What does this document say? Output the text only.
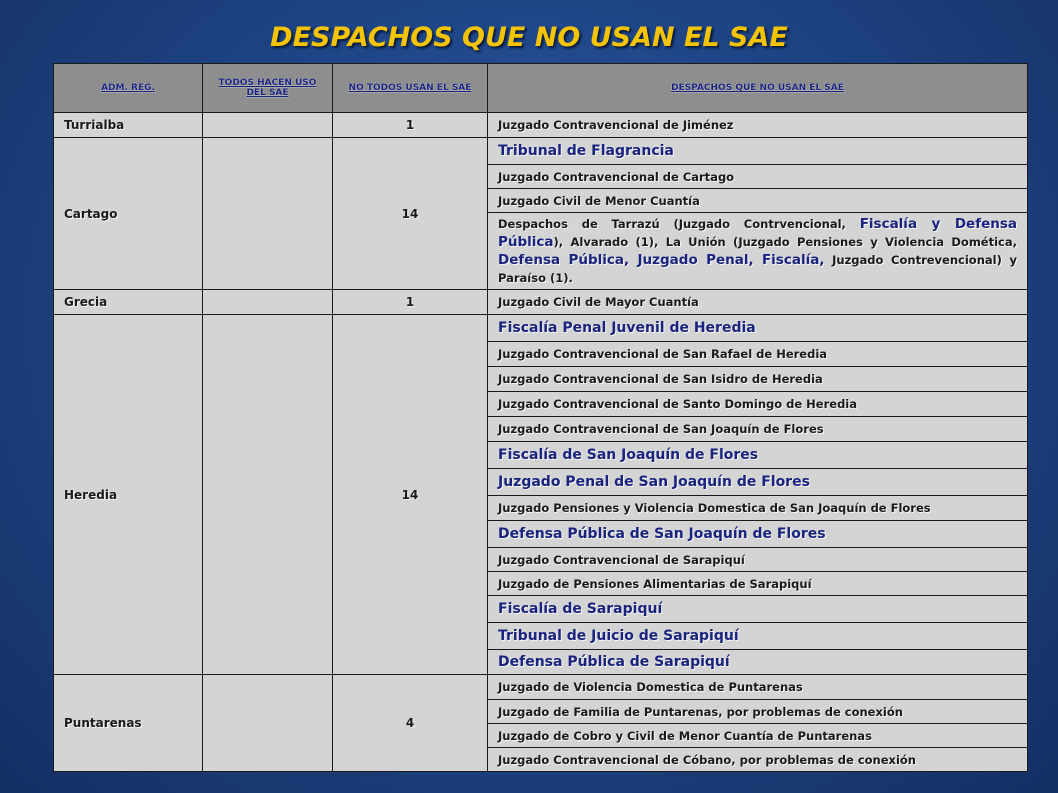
DESPACHOS QUE NO USAN EL SAE
ADM. REG.	TODOS HACEN USO DEL SAE	NO TODOS USAN EL SAE	DESPACHOS QUE NO USAN EL SAE
Turrialba		1	Juzgado Contravencional de Jiménez
Cartago		14	Tribunal de Flagrancia
			Juzgado Contravencional de Cartago
			Juzgado Civil de Menor Cuantía
			Despachos de Tarrazú (Juzgado Contrvencional, Fiscalía y Defensa Pública), Alvarado (1), La Unión (Juzgado Pensiones y Violencia Domética, Defensa Pública, Juzgado Penal, Fiscalía, Juzgado Contrevencional) y Paraíso (1).
Grecia		1	Juzgado Civil de Mayor Cuantía
Heredia		14	Fiscalía Penal Juvenil de Heredia
			Juzgado Contravencional de San Rafael de Heredia
			Juzgado Contravencional de San Isidro de Heredia
			Juzgado Contravencional de Santo Domingo de Heredia
			Juzgado Contravencional de San Joaquín de Flores
			Fiscalía de San Joaquín de Flores
			Juzgado Penal de San Joaquín de Flores
			Juzgado Pensiones y Violencia Domestica de San Joaquín de Flores
			Defensa Pública de San Joaquín de Flores
			Juzgado Contravencional de Sarapiquí
			Juzgado de Pensiones Alimentarias de Sarapiquí
			Fiscalía de Sarapiquí
			Tribunal de Juicio de Sarapiquí
			Defensa Pública de Sarapiquí
Puntarenas		4	Juzgado de Violencia Domestica de Puntarenas
			Juzgado de Familia de Puntarenas, por problemas de conexión
			Juzgado de Cobro y Civil de Menor Cuantía de Puntarenas
			Juzgado Contravencional de Cóbano, por problemas de conexión
